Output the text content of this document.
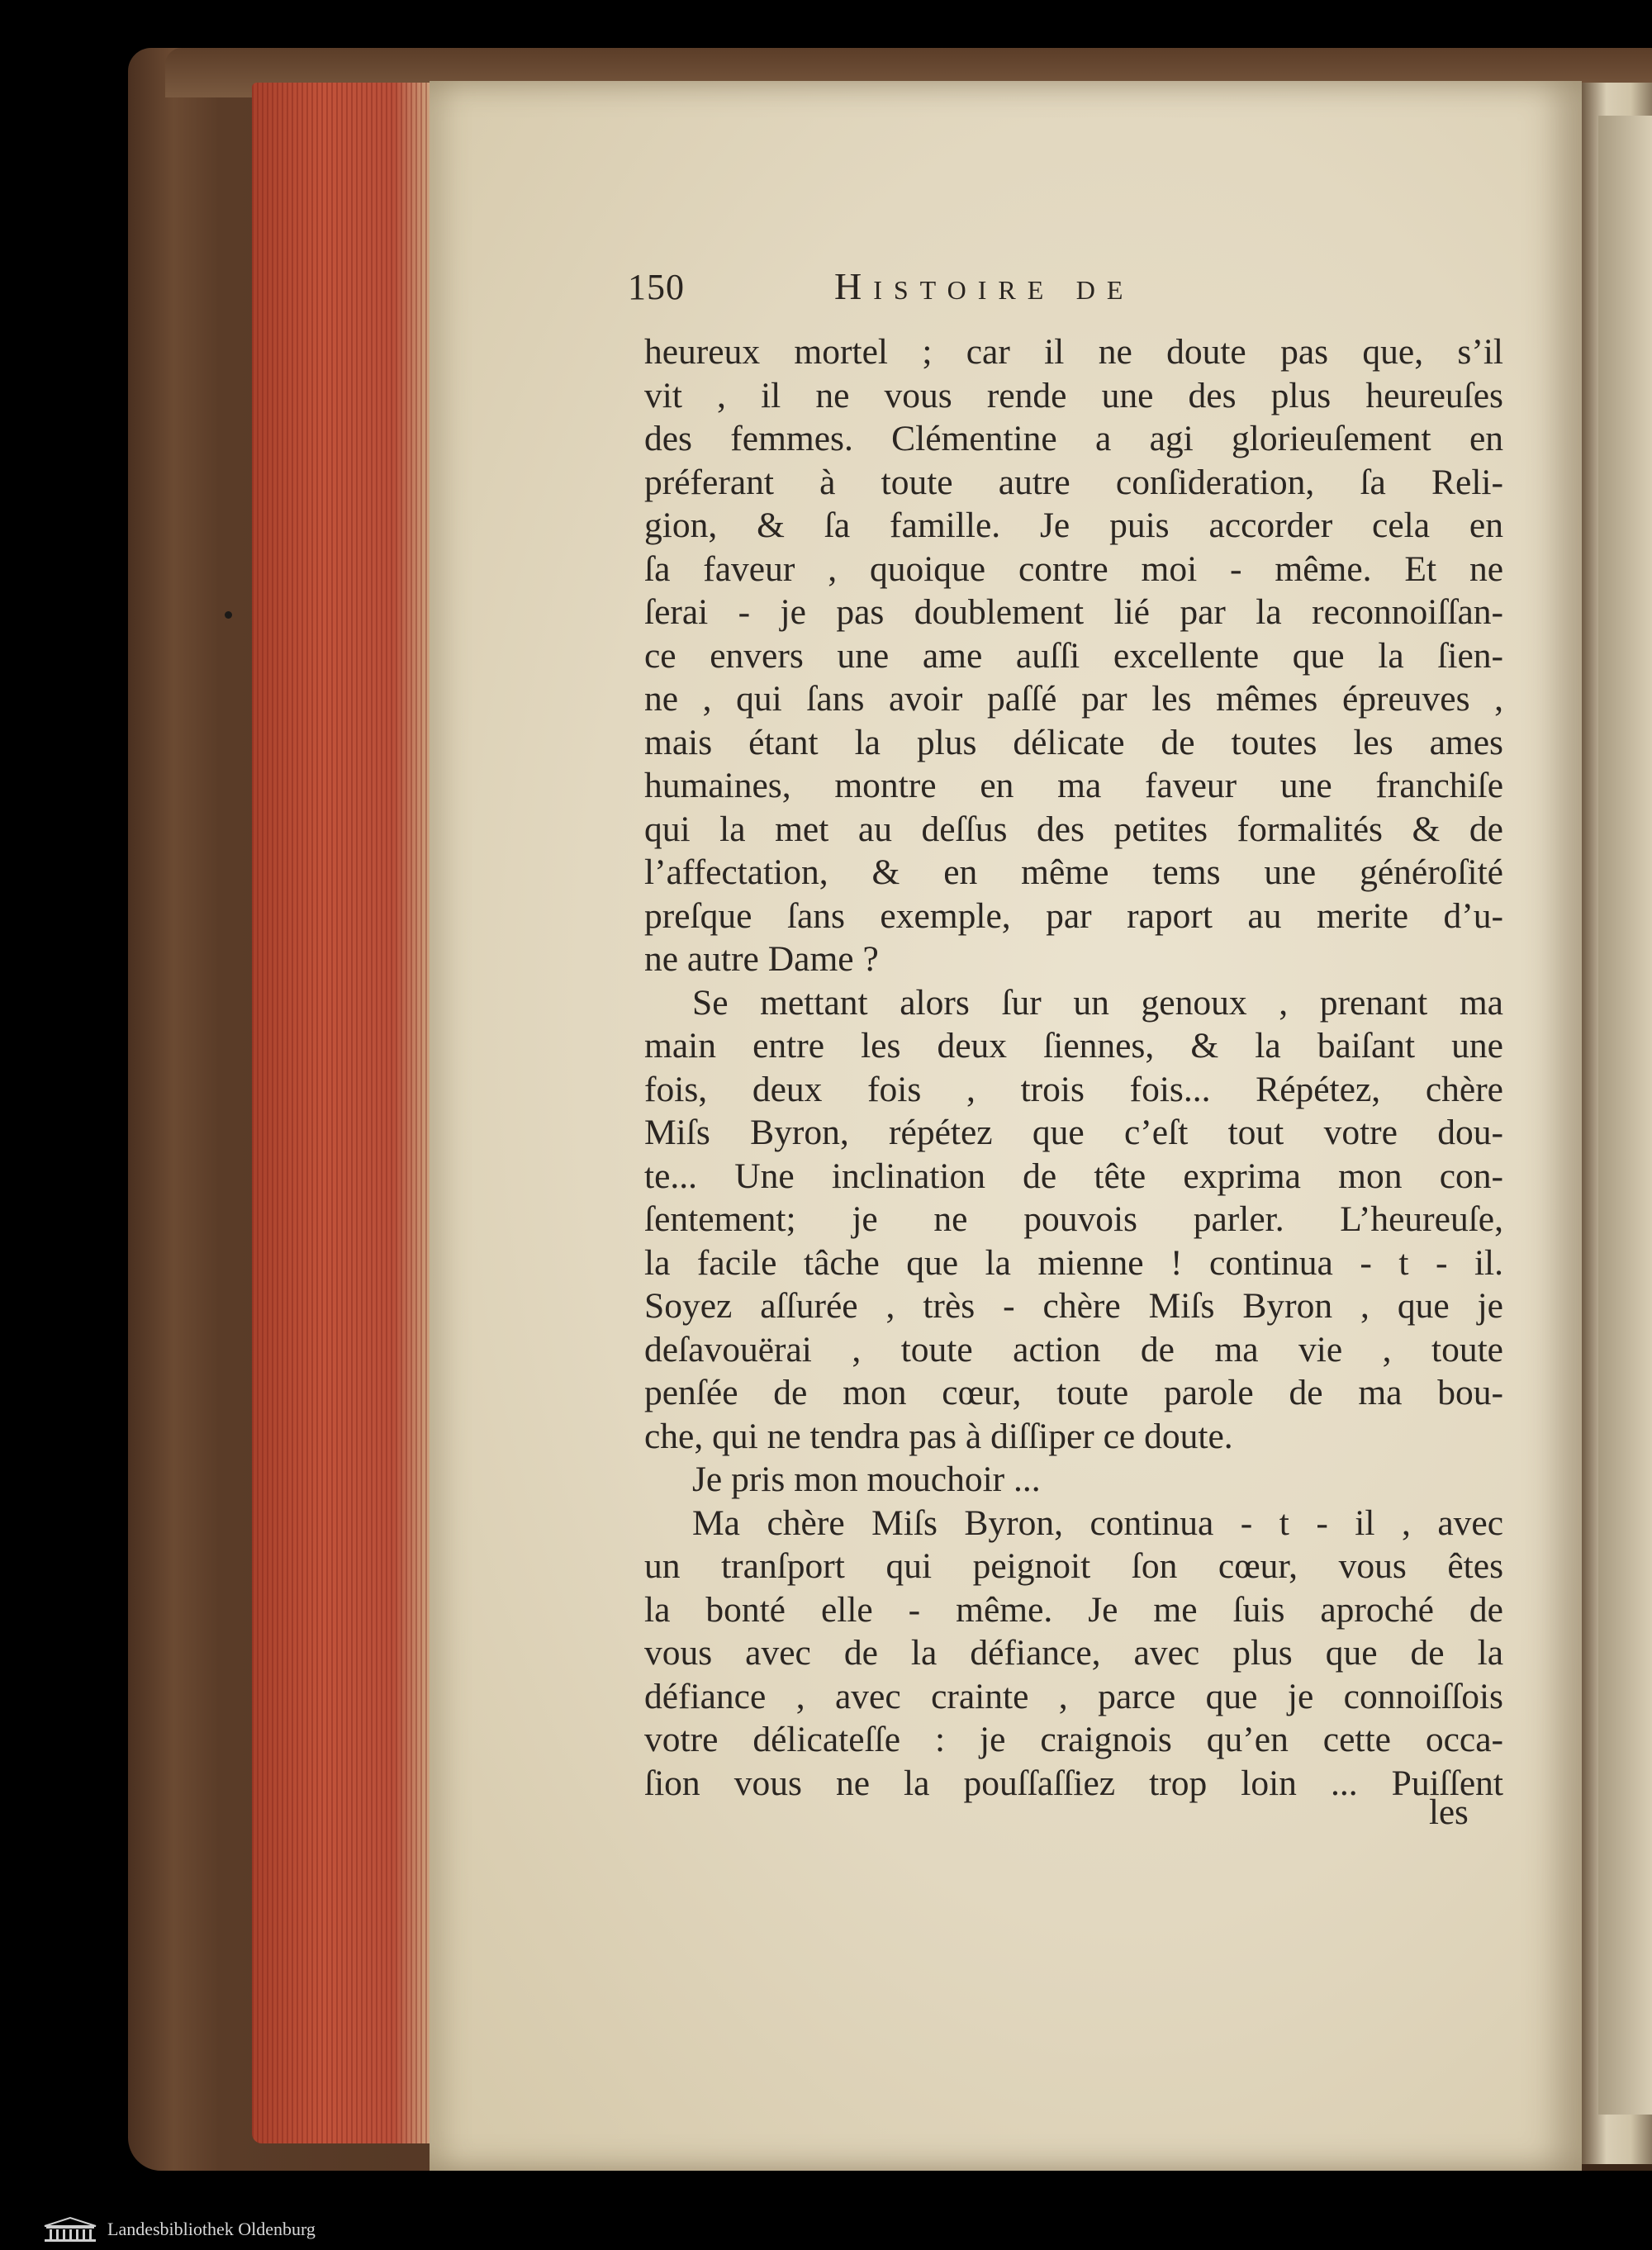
150	Histoire de
heureux mortel ; car il ne doute pas que, s’il
vit , il ne vous rende une des plus heureuſes
des femmes. Clémentine a agi glorieuſement en
préferant à toute autre conſideration, ſa Reli-
gion, & ſa famille. Je puis accorder cela en
ſa faveur , quoique contre moi - même. Et ne
ſerai - je pas doublement lié par la reconnoiſſan-
ce envers une ame auſſi excellente que la ſien-
ne , qui ſans avoir paſſé par les mêmes épreuves ,
mais étant la plus délicate de toutes les ames
humaines, montre en ma faveur une franchiſe
qui la met au deſſus des petites formalités & de
l’affectation, & en même tems une généroſité
preſque ſans exemple, par raport au merite d’u-
ne autre Dame ?
Se mettant alors ſur un genoux , prenant ma
main entre les deux ſiennes, & la baiſant une
fois, deux fois , trois fois... Répétez, chère
Miſs Byron, répétez que c’eſt tout votre dou-
te... Une inclination de tête exprima mon con-
ſentement; je ne pouvois parler. L’heureuſe,
la facile tâche que la mienne ! continua - t - il.
Soyez aſſurée , très - chère Miſs Byron , que je
deſavouërai , toute action de ma vie , toute
penſée de mon cœur, toute parole de ma bou-
che, qui ne tendra pas à diſſiper ce doute.
Je pris mon mouchoir ...
Ma chère Miſs Byron, continua - t - il , avec
un tranſport qui peignoit ſon cœur, vous êtes
la bonté elle - même. Je me ſuis aproché de
vous avec de la défiance, avec plus que de la
défiance , avec crainte , parce que je connoiſſois
votre délicateſſe : je craignois qu’en cette occa-
ſion vous ne la pouſſaſſiez trop loin ... Puiſſent
les
Landesbibliothek Oldenburg
